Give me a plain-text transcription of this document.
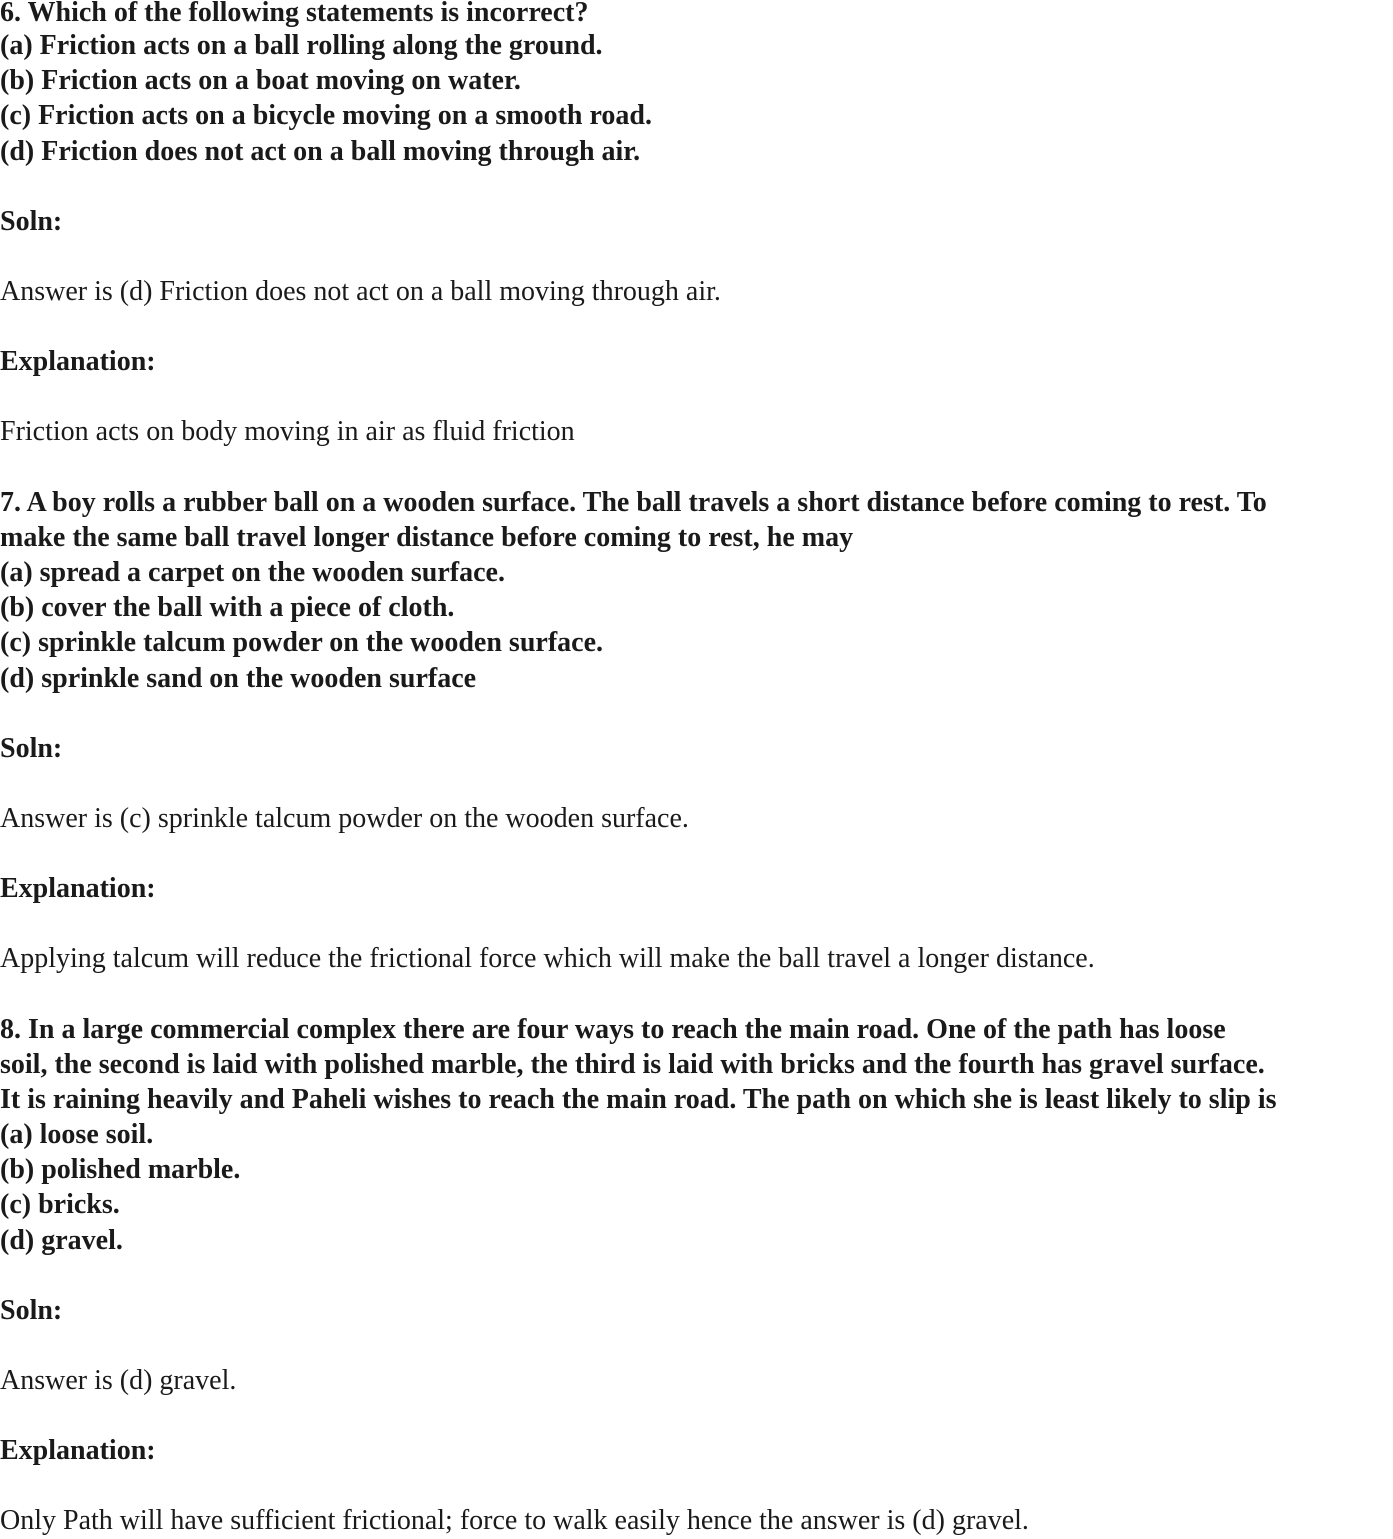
6. Which of the following statements is incorrect?
(a) Friction acts on a ball rolling along the ground.
(b) Friction acts on a boat moving on water.
(c) Friction acts on a bicycle moving on a smooth road.
(d) Friction does not act on a ball moving through air.
Soln:
Answer is (d) Friction does not act on a ball moving through air.
Explanation:
Friction acts on body moving in air as fluid friction
7. A boy rolls a rubber ball on a wooden surface. The ball travels a short distance before coming to rest. To
make the same ball travel longer distance before coming to rest, he may
(a) spread a carpet on the wooden surface.
(b) cover the ball with a piece of cloth.
(c) sprinkle talcum powder on the wooden surface.
(d) sprinkle sand on the wooden surface
Soln:
Answer is (c) sprinkle talcum powder on the wooden surface.
Explanation:
Applying talcum will reduce the frictional force which will make the ball travel a longer distance.
8. In a large commercial complex there are four ways to reach the main road. One of the path has loose
soil, the second is laid with polished marble, the third is laid with bricks and the fourth has gravel surface.
It is raining heavily and Paheli wishes to reach the main road. The path on which she is least likely to slip is
(a) loose soil.
(b) polished marble.
(c) bricks.
(d) gravel.
Soln:
Answer is (d) gravel.
Explanation:
Only Path will have sufficient frictional; force to walk easily hence the answer is (d) gravel.
